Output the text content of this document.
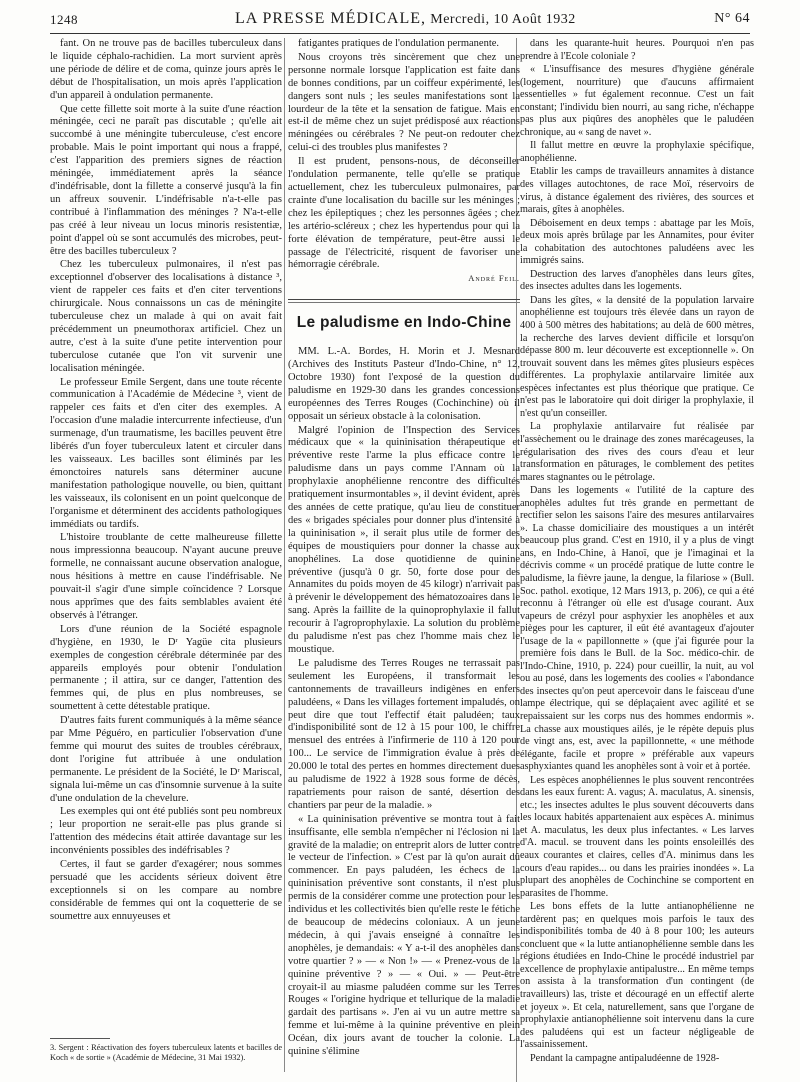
1248	LA PRESSE MÉDICALE, Mercredi, 10 Août 1932	N° 64

fant. On ne trouve pas de bacilles tuberculeux dans le liquide céphalo-rachidien. La mort survient après une période de délire et de coma, quinze jours après le début de l'hospitalisation, un mois après l'application d'un appareil à ondulation permanente.

Que cette fillette soit morte à la suite d'une réaction méningée, ceci ne paraît pas discutable ; qu'elle ait succombé à une méningite tuberculeuse, c'est encore probable. Mais le point important qui nous a frappé, c'est l'apparition des premiers signes de réaction méningée, immédiatement après la séance d'indéfrisable, dont la fillette a conservé jusqu'à la fin un affreux souvenir. L'indéfrisable n'a-t-elle pas contribué à l'inflammation des méninges ? N'a-t-elle pas créé à leur niveau un locus minoris resistentiæ, point d'appel où se sont accumulés des microbes, peut-être des bacilles tuberculeux ?

Chez les tuberculeux pulmonaires, il n'est pas exceptionnel d'observer des localisations à distance ³, vient de rappeler ces faits et d'en citer terventions chirurgicale. Nous connaissons un cas de méningite tuberculeuse chez un malade à qui on avait fait précédemment un pneumothorax artificiel. Chez un autre, c'est à la suite d'une petite intervention pour tuberculose cutanée que l'on vit survenir une localisation méningée.

Le professeur Emile Sergent, dans une toute récente communication à l'Académie de Médecine ³, vient de rappeler ces faits et d'en citer des exemples. A l'occasion d'une maladie intercurrente infectieuse, d'un surmenage, d'un traumatisme, les bacilles peuvent être libérés d'un foyer tuberculeux latent et circuler dans les vaisseaux. Les bacilles sont éliminés par les émonctoires naturels sans déterminer aucune manifestation pathologique nouvelle, ou bien, quittant les vaisseaux, ils colonisent en un point quelconque de l'organisme et déterminent des accidents pathologiques immédiats ou tardifs.

L'histoire troublante de cette malheureuse fillette nous impressionna beaucoup. N'ayant aucune preuve formelle, ne connaissant aucune observation analogue, nous hésitions à mettre en cause l'indéfrisable. Ne pouvait-il s'agir d'une simple coïncidence ? Lorsque nous apprîmes que des faits semblables avaient été observés à l'étranger.

Lors d'une réunion de la Société espagnole d'hygiène, en 1930, le Dʳ Yagüe cita plusieurs exemples de congestion cérébrale déterminée par des appareils employés pour obtenir l'ondulation permanente ; il attira, sur ce danger, l'attention des femmes qui, de plus en plus nombreuses, se soumettent à cette détestable pratique.

D'autres faits furent communiqués à la même séance par Mme Péguéro, en particulier l'observation d'une femme qui mourut des suites de troubles cérébraux, dont l'origine fut attribuée à une ondulation permanente. Le président de la Société, le Dʳ Mariscal, signala lui-même un cas d'insomnie survenue à la suite d'une ondulation de la chevelure.

Les exemples qui ont été publiés sont peu nombreux ; leur proportion ne serait-elle pas plus grande si l'attention des médecins était attirée davantage sur les inconvénients possibles des indéfrisables ?

Certes, il faut se garder d'exagérer; nous sommes persuadé que les accidents sérieux doivent être exceptionnels si on les compare au nombre considérable de femmes qui ont la coquetterie de se soumettre aux ennuyeuses et

3. Sergent : Réactivation des foyers tuberculeux latents et bacilles de Koch « de sortie » (Académie de Médecine, 31 Mai 1932).

fatigantes pratiques de l'ondulation permanente.

Nous croyons très sincèrement que chez une personne normale lorsque l'application est faite dans de bonnes conditions, par un coiffeur expérimenté, les dangers sont nuls ; les seules manifestations sont la lourdeur de la tête et la sensation de fatigue. Mais en est-il de même chez un sujet prédisposé aux réactions méningées ou cérébrales ? Ne peut-on redouter chez celui-ci des troubles plus manifestes ?

Il est prudent, pensons-nous, de déconseiller l'ondulation permanente, telle qu'elle se pratique actuellement, chez les tuberculeux pulmonaires, par crainte d'une localisation du bacille sur les méninges ; chez les épileptiques ; chez les personnes âgées ; chez les artério-scléreux ; chez les hypertendus pour qui la forte élévation de température, peut-être aussi le passage de l'électricité, risquent de favoriser une hémorragie cérébrale.

André Feil.

Le paludisme en Indo-Chine

MM. L.-A. Bordes, H. Morin et J. Mesnard (Archives des Instituts Pasteur d'Indo-Chine, n° 12, Octobre 1930) font l'exposé de la question du paludisme en 1929-30 dans les grandes concessions européennes des Terres Rouges (Cochinchine) où il opposait un sérieux obstacle à la colonisation.

Malgré l'opinion de l'Inspection des Services médicaux que « la quininisation thérapeutique et préventive reste l'arme la plus efficace contre le paludisme dans un pays comme l'Annam où la prophylaxie anophélienne rencontre des difficultés pratiquement insurmontables », il devint évident, après des années de cette pratique, qu'au lieu de constituer des « brigades spéciales pour donner plus d'intensité à la quininisation », il serait plus utile de former des équipes de moustiquiers pour donner la chasse aux anophélines. La dose quotidienne de quinine préventive (jusqu'à 0 gr. 50, forte dose pour des Annamites du poids moyen de 45 kilogr) n'arrivait pas à prévenir le développement des hématozoaires dans le sang. Après la faillite de la quinoprophylaxie il fallut recourir à l'agroprophylaxie. La solution du problème du paludisme n'est pas chez l'homme mais chez le moustique.

Le paludisme des Terres Rouges ne terrassait pas seulement les Européens, il transformait les cantonnements de travailleurs indigènes en enfers paludéens, « Dans les villages fortement impaludés, on peut dire que tout l'effectif était paludéen; taux d'indisponibilité sont de 12 à 15 pour 100, le chiffre mensuel des entrées à l'infirmerie de 110 à 120 pour 100... Le service de l'immigration évalue à près de 20.000 le total des pertes en hommes directement dues au paludisme de 1922 à 1928 sous forme de décès, rapatriements pour raison de santé, désertion des chantiers par peur de la maladie. »

« La quininisation préventive se montra tout à fait insuffisante, elle sembla n'empêcher ni l'éclosion ni la gravité de la maladie; on entreprit alors de lutter contre le vecteur de l'infection. » C'est par là qu'on aurait dû commencer. En pays paludéen, les échecs de la quininisation préventive sont constants, il n'est plus permis de la considérer comme une protection pour les individus et les collectivités bien qu'elle reste le fétiche de beaucoup de médecins coloniaux. A un jeune médecin, à qui j'avais enseigné à connaître les anophèles, je demandais: « Y a-t-il des anophèles dans votre quartier ? » — « Non !» — « Prenez-vous de la quinine préventive ? » — « Oui. » — Peut-être croyait-il au miasme paludéen comme sur les Terres Rouges « l'origine hydrique et tellurique de la maladie gardait des partisans ». J'en ai vu un autre mettre sa femme et lui-même à la quinine préventive en plein Océan, dix jours avant de toucher la colonie. La quinine s'élimine

dans les quarante-huit heures. Pourquoi n'en pas prendre à l'Ecole coloniale ?

« L'insuffisance des mesures d'hygiène générale (logement, nourriture) que d'aucuns affirmaient essentielles » fut également reconnue. C'est un fait constant; l'individu bien nourri, au sang riche, n'échappe pas plus aux piqûres des anophèles que le paludéen chronique, au « sang de navet ».

Il fallut mettre en œuvre la prophylaxie spécifique, anophélienne.

Etablir les camps de travailleurs annamites à distance des villages autochtones, de race Moï, réservoirs de virus, à distance également des rivières, des sources et marais, gîtes à anophèles.

Déboisement en deux temps : abattage par les Moïs, deux mois après brûlage par les Annamites, pour éviter la cohabitation des autochtones paludéens avec les immigrés sains.

Destruction des larves d'anophèles dans leurs gîtes, des insectes adultes dans les logements.

Dans les gîtes, « la densité de la population larvaire anophélienne est toujours très élevée dans un rayon de 400 à 500 mètres des habitations; au delà de 600 mètres, la recherche des larves devient difficile et lorsqu'on dépasse 800 m. leur découverte est exceptionnelle ». On trouvait souvent dans les mêmes gîtes plusieurs espèces différentes. La prophylaxie antilarvaire limitée aux espèces infectantes est plus théorique que pratique. Ce n'est pas le laboratoire qui doit diriger la prophylaxie, il n'est qu'un conseiller.

La prophylaxie antilarvaire fut réalisée par l'assèchement ou le drainage des zones marécageuses, la régularisation des rives des cours d'eau et leur transformation en pâturages, le comblement des petites mares stagnantes ou le pétrolage.

Dans les logements « l'utilité de la capture des anophèles adultes fut très grande en permettant de rectifier selon les saisons l'aire des mesures antilarvaires ». La chasse domiciliaire des moustiques a un intérêt beaucoup plus grand. C'est en 1910, il y a plus de vingt ans, en Indo-Chine, à Hanoï, que je l'imaginai et la décrivis comme « un procédé pratique de lutte contre le paludisme, la fièvre jaune, la dengue, la filariose » (Bull. Soc. pathol. exotique, 12 Mars 1913, p. 206), ce qui a été reconnu à l'étranger où elle est d'usage courant. Aux vapeurs de crézyl pour asphyxier les anophèles et aux pièges pour les capturer, il eût été avantageux d'ajouter l'usage de la « papillonnette » (que j'ai figurée pour la première fois dans le Bull. de la Soc. médico-chir. de l'Indo-Chine, 1910, p. 224) pour cueillir, la nuit, au vol ou au posé, dans les logements des coolies « l'abondance des insectes qu'on peut apercevoir dans le faisceau d'une lampe électrique, qui se déplaçaient avec agilité et se repaissaient sur les corps nus des hommes endormis ». La chasse aux moustiques ailés, je le répète depuis plus de vingt ans, est, avec la papillonnette, « une méthode élégante, facile et propre » préférable aux vapeurs asphyxiantes quand les anophèles sont à voir et à portée.

Les espèces anophéliennes le plus souvent rencontrées dans les eaux furent: A. vagus; A. maculatus, A. sinensis, etc.; les insectes adultes le plus souvent découverts dans les locaux habités appartenaient aux espèces A. minimus et A. maculatus, les deux plus infectantes. « Les larves d'A. macul. se trouvent dans les points ensoleillés des eaux courantes et claires, celles d'A. minimus dans les cours d'eau rapides... ou dans les prairies inondées ». La plupart des anophèles de Cochinchine se comportent en parasites de l'homme.

Les bons effets de la lutte antianophélienne ne tardèrent pas; en quelques mois parfois le taux des indisponibilités tomba de 40 à 8 pour 100; les auteurs concluent que « la lutte antianophélienne semble dans les régions étudiées en Indo-Chine le procédé industriel par excellence de prophylaxie antipalustre... En même temps on assista à la transformation d'un contingent (de travailleurs) las, triste et découragé en un effectif alerte et joyeux ». Et cela, naturellement, sans que l'organe de prophylaxie antianophélienne soit intervenu dans la cure des paludéens qui est un facteur négligeable de l'assainissement.

Pendant la campagne antipaludéenne de 1928-
